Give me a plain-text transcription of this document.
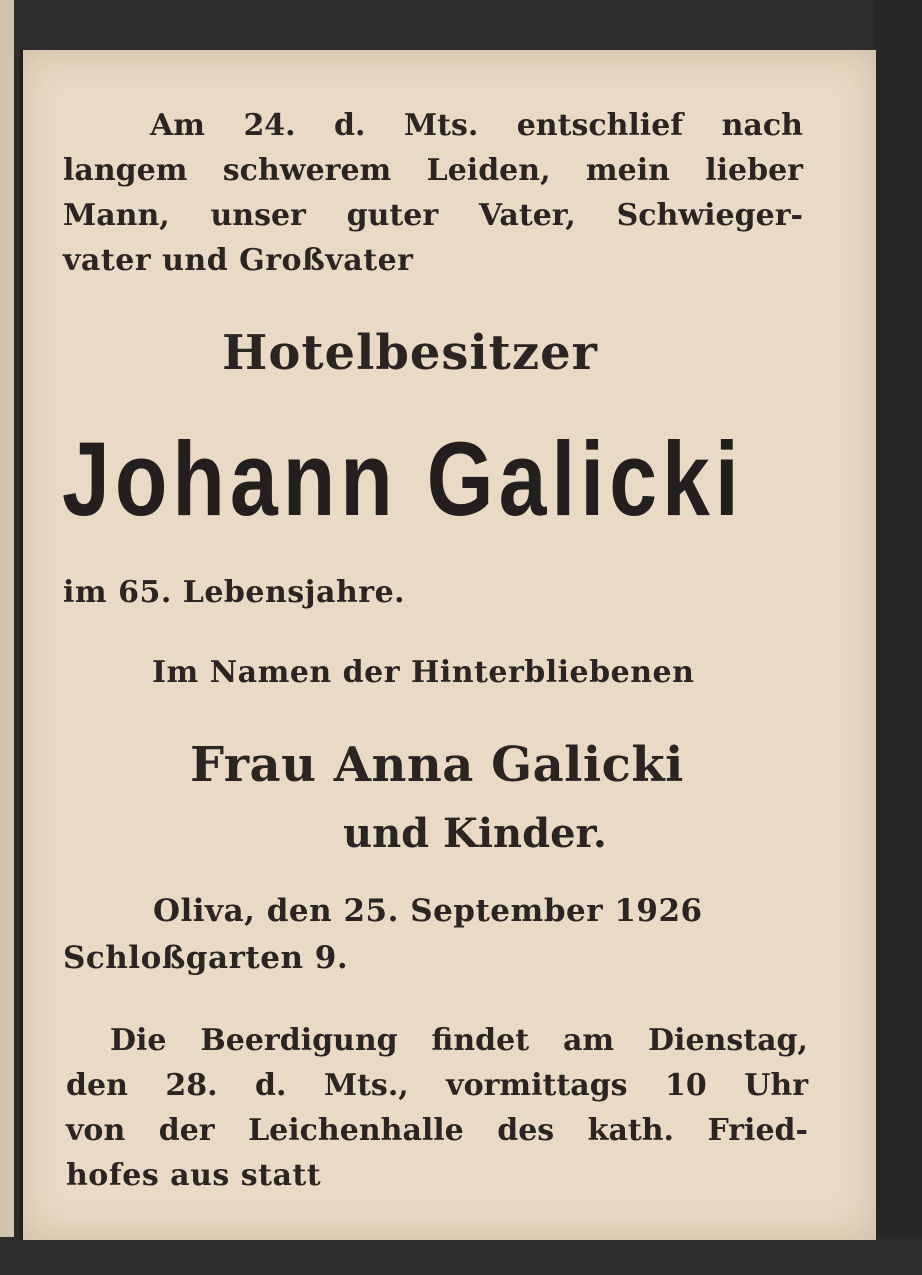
Am 24. d. Mts. entschlief nach
langem schwerem Leiden, mein lieber
Mann, unser guter Vater, Schwieger-
vater und Großvater
Hotelbesitzer
Johann Galicki
im 65. Lebensjahre.
Im Namen der Hinterbliebenen
Frau Anna Galicki
und Kinder.
Oliva, den 25. September 1926
Schloßgarten 9.
Die Beerdigung findet am Dienstag,
den 28. d. Mts., vormittags 10 Uhr
von der Leichenhalle des kath. Fried-
hofes aus statt
